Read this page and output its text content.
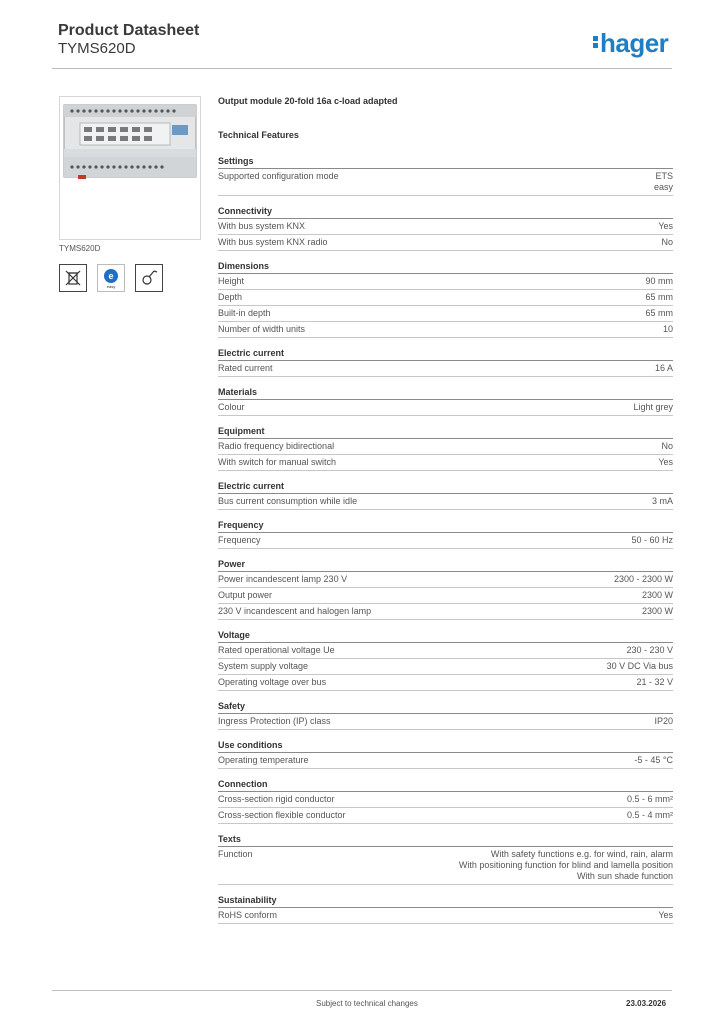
Product Datasheet
TYMS620D	hager
TYMS620D
e
easy
Output module 20-fold 16a c-load adapted
Technical Features
Settings
Supported configuration mode	ETS
easy
Connectivity
With bus system KNX	Yes
With bus system KNX radio	No
Dimensions
Height	90 mm
Depth	65 mm
Built-in depth	65 mm
Number of width units	10
Electric current
Rated current	16 A
Materials
Colour	Light grey
Equipment
Radio frequency bidirectional	No
With switch for manual switch	Yes
Electric current
Bus current consumption while idle	3 mA
Frequency
Frequency	50 - 60 Hz
Power
Power incandescent lamp 230 V	2300 - 2300 W
Output power	2300 W
230 V incandescent and halogen lamp	2300 W
Voltage
Rated operational voltage Ue	230 - 230 V
System supply voltage	30 V DC Via bus
Operating voltage over bus	21 - 32 V
Safety
Ingress Protection (IP) class	IP20
Use conditions
Operating temperature	-5 - 45 °C
Connection
Cross-section rigid conductor	0.5 - 6 mm²
Cross-section flexible conductor	0.5 - 4 mm²
Texts
Function	With safety functions e.g. for wind, rain, alarm
With positioning function for blind and lamella position
With sun shade function
Sustainability
RoHS conform	Yes
Subject to technical changes	23.03.2026
